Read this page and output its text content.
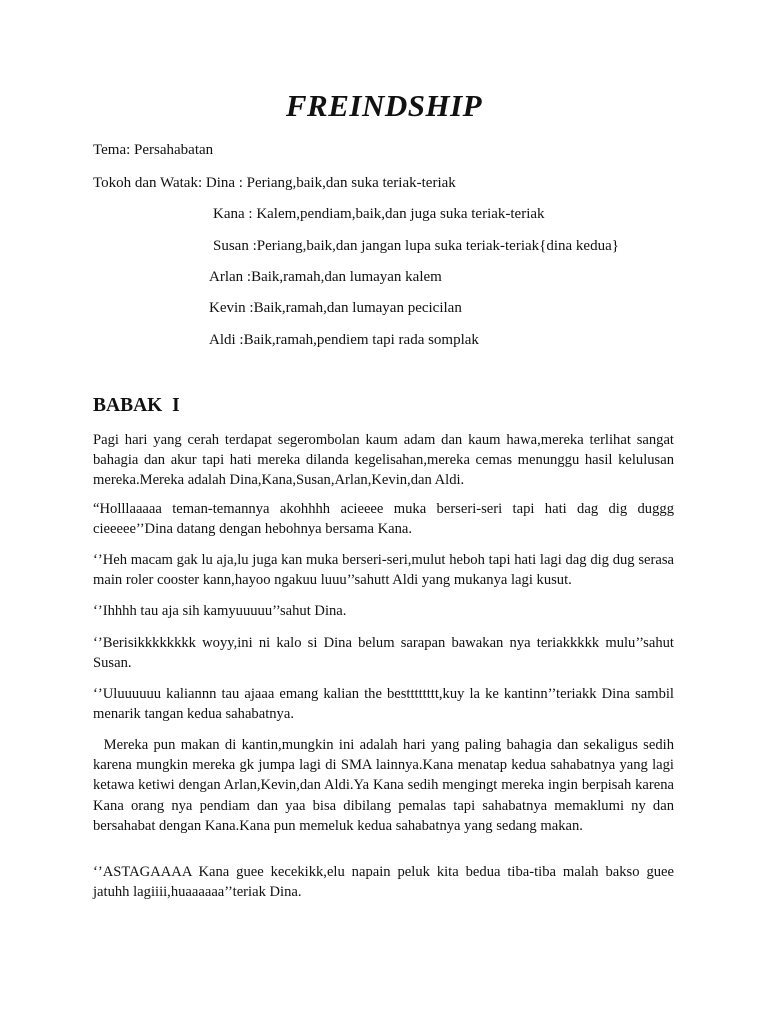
FREINDSHIP
Tema: Persahabatan
Tokoh dan Watak: Dina : Periang,baik,dan suka teriak-teriak
Kana : Kalem,pendiam,baik,dan juga suka teriak-teriak
Susan :Periang,baik,dan jangan lupa suka teriak-teriak{dina kedua}
Arlan :Baik,ramah,dan lumayan kalem
Kevin :Baik,ramah,dan lumayan pecicilan
Aldi :Baik,ramah,pendiem tapi rada somplak
BABAK  I
Pagi hari yang cerah terdapat segerombolan kaum adam dan kaum hawa,mereka terlihat sangat bahagia dan akur tapi hati mereka dilanda kegelisahan,mereka cemas menunggu hasil kelulusan mereka.Mereka adalah Dina,Kana,Susan,Arlan,Kevin,dan Aldi.
“Holllaaaaa teman-temannya akohhhh acieeee muka berseri-seri tapi hati dag dig duggg cieeeee’’Dina datang dengan hebohnya bersama Kana.
‘’Heh macam gak lu aja,lu juga kan muka berseri-seri,mulut heboh tapi hati lagi dag dig dug serasa main roler cooster kann,hayoo ngakuu luuu’’sahutt Aldi yang mukanya lagi kusut.
‘’Ihhhh tau aja sih kamyuuuuu’’sahut Dina.
‘’Berisikkkkkkkk woyy,ini ni kalo si Dina belum sarapan bawakan nya teriakkkkk mulu’’sahut Susan.
‘’Uluuuuuu kaliannn tau ajaaa emang kalian the bestttttttt,kuy la ke kantinn’’teriakk Dina sambil menarik tangan kedua sahabatnya.
Mereka pun makan di kantin,mungkin ini adalah hari yang paling bahagia dan sekaligus sedih karena mungkin mereka gk jumpa lagi di SMA lainnya.Kana menatap kedua sahabatnya yang lagi ketawa ketiwi dengan Arlan,Kevin,dan Aldi.Ya Kana sedih mengingt mereka ingin berpisah karena Kana orang nya pendiam dan yaa bisa dibilang pemalas tapi sahabatnya memaklumi ny dan bersahabat dengan Kana.Kana pun memeluk kedua sahabatnya yang sedang makan.
‘’ASTAGAAAA Kana guee kecekikk,elu napain peluk kita bedua tiba-tiba malah bakso guee jatuhh lagiiii,huaaaaaa’’teriak Dina.
